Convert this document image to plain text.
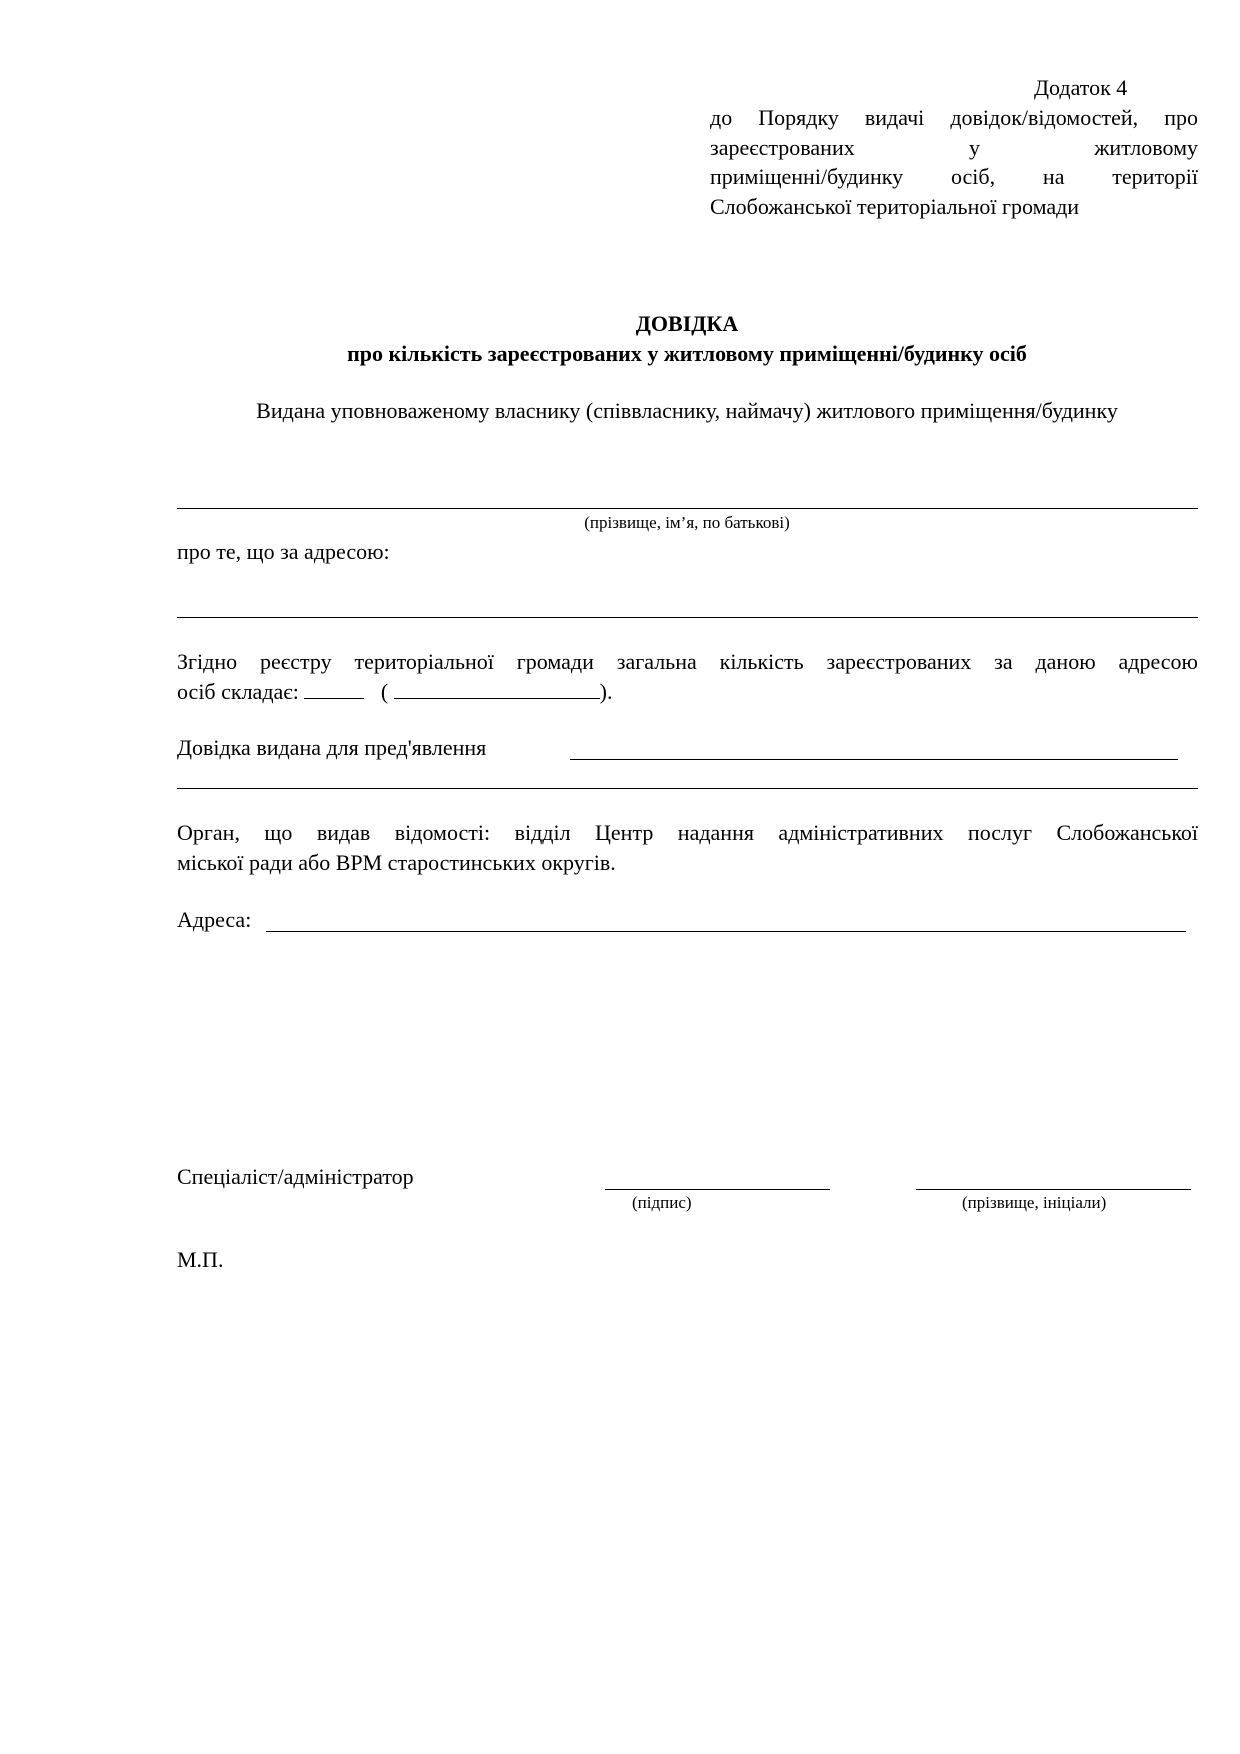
Додаток 4
до Порядку видачі довідок/відомостей, про
зареєстрованих у житловому
приміщенні/будинку осіб, на території
Слобожанської територіальної громади
ДОВІДКА
про кількість зареєстрованих у житловому приміщенні/будинку осіб
Видана уповноваженому власнику (співвласнику, наймачу) житлового приміщення/будинку
(прізвище, ім’я, по батькові)
про те, що за адресою:
Згідно реєстру територіальної громади загальна кількість зареєстрованих за даною адресою
осіб складає:	(	).
Довідка видана для пред'явлення
Орган, що видав відомості: відділ Центр надання адміністративних послуг Слобожанської
міської ради або ВРМ старостинських округів.
Адреса:
Спеціаліст/адміністратор
(підпис)	(прізвище, ініціали)
М.П.
